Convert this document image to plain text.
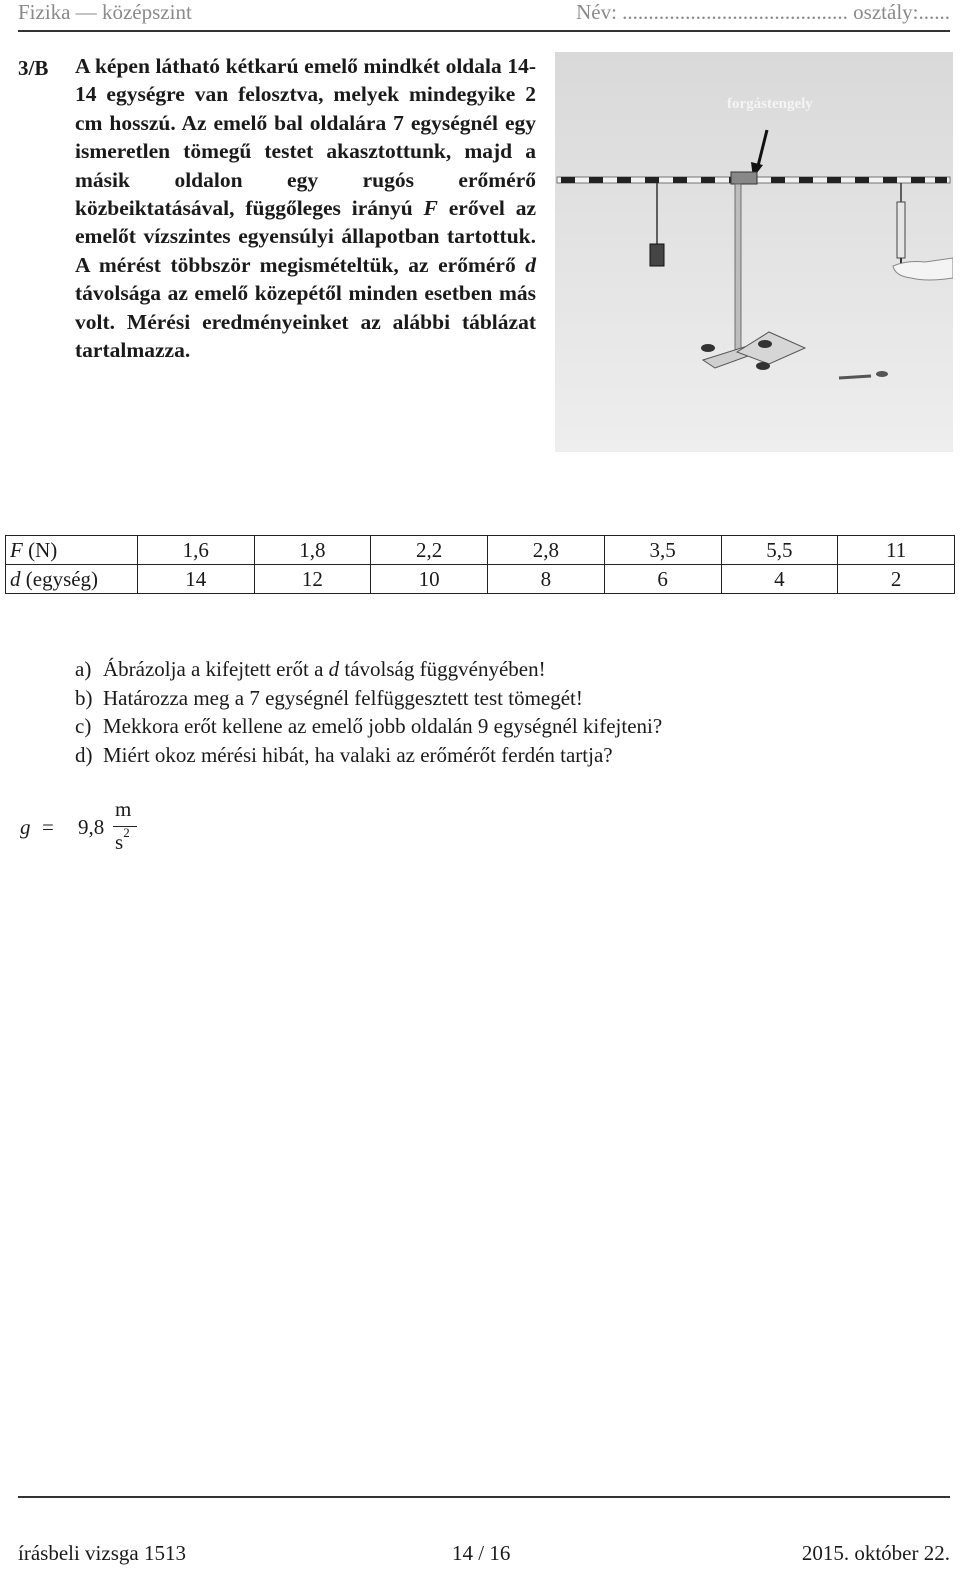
Fizika — középszint	Név: ........................................... osztály:......
3/B A képen látható kétkarú emelő mindkét oldala 14-14 egységre van felosztva, melyek mindegyike 2 cm hosszú. Az emelő bal oldalára 7 egységnél egy ismeretlen tömegű testet akasztottunk, majd a másik oldalon egy rugós erőmérő közbeiktatásával, függőleges irányú F erővel az emelőt vízszintes egyensúlyi állapotban tartottuk. A mérést többször megismételtük, az erőmérő d távolsága az emelő közepétől minden esetben más volt. Mérési eredményeinket az alábbi táblázat tartalmazza.
forgástengely
F (N)	1,6	1,8	2,2	2,8	3,5	5,5	11
d (egység)	14	12	10	8	6	4	2
a) Ábrázolja a kifejtett erőt a d távolság függvényében!
b) Határozza meg a 7 egységnél felfüggesztett test tömegét!
c) Mekkora erőt kellene az emelő jobb oldalán 9 egységnél kifejteni?
d) Miért okoz mérési hibát, ha valaki az erőmérőt ferdén tartja?
g = 9,8
m
$s^2$
írásbeli vizsga 1513	14 / 16	2015. október 22.
